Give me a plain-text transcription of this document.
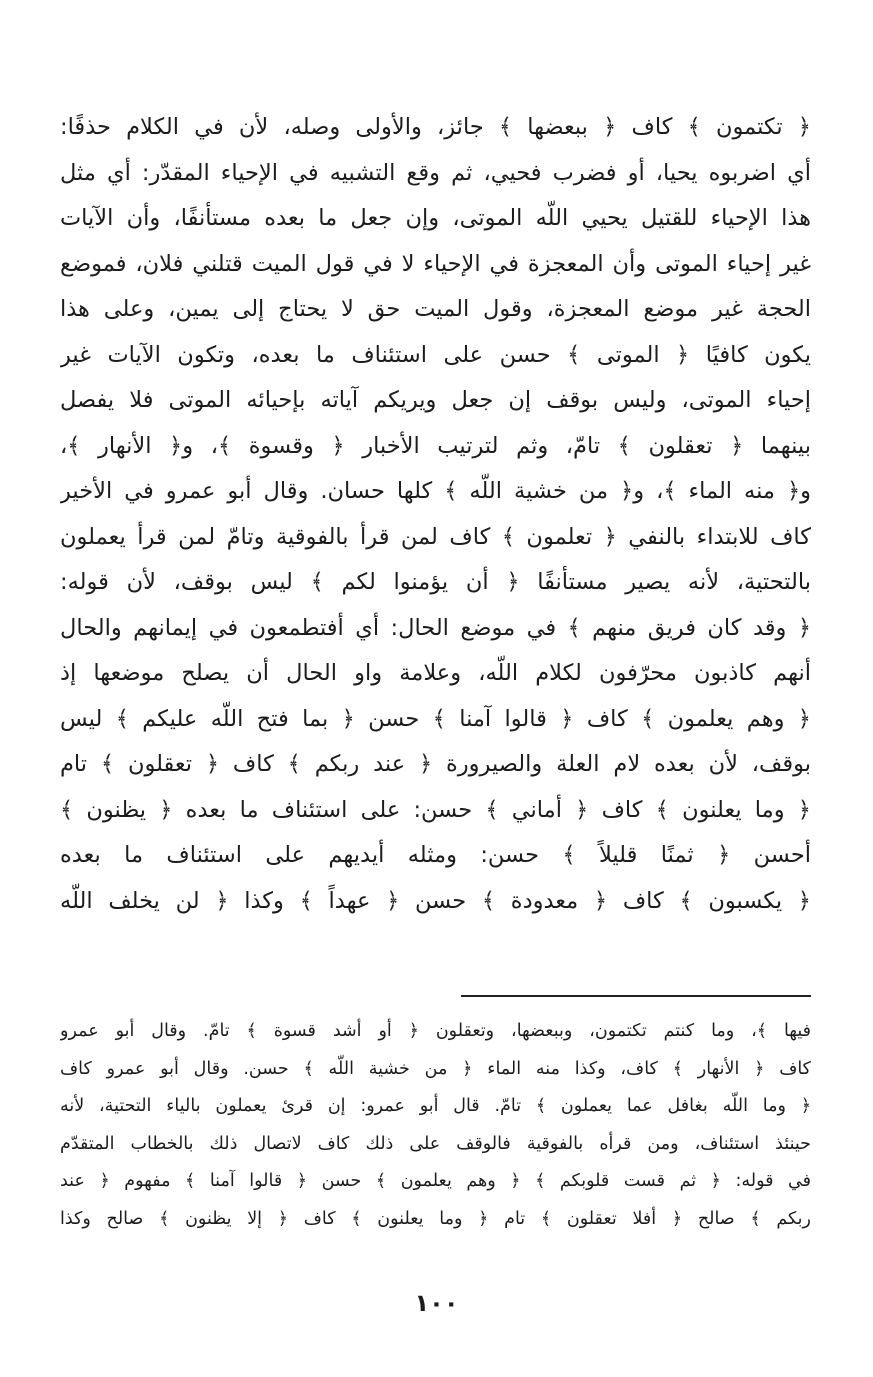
﴿ تكتمون ﴾ كاف ﴿ ببعضها ﴾ جائز، والأولى وصله، لأن في الكلام حذفًا:
أي اضربوه يحيا، أو فضرب فحيي، ثم وقع التشبيه في الإحياء المقدّر: أي مثل
هذا الإحياء للقتيل يحيي اللّه الموتى، وإن جعل ما بعده مستأنفًا، وأن الآيات
غير إحياء الموتى وأن المعجزة في الإحياء لا في قول الميت قتلني فلان، فموضع
الحجة غير موضع المعجزة، وقول الميت حق لا يحتاج إلى يمين، وعلى هذا
يكون كافيًا ﴿ الموتى ﴾ حسن على استئناف ما بعده، وتكون الآيات غير
إحياء الموتى، وليس بوقف إن جعل ويريكم آياته بإحيائه الموتى فلا يفصل
بينهما ﴿ تعقلون ﴾ تامّ، وثم لترتيب الأخبار ﴿ وقسوة ﴾، و﴿ الأنهار ﴾،
و﴿ منه الماء ﴾، و﴿ من خشية اللّه ﴾ كلها حسان. وقال أبو عمرو في الأخير
كاف للابتداء بالنفي ﴿ تعلمون ﴾ كاف لمن قرأ بالفوقية وتامّ لمن قرأ يعملون
بالتحتية، لأنه يصير مستأنفًا ﴿ أن يؤمنوا لكم ﴾ ليس بوقف، لأن قوله:
﴿ وقد كان فريق منهم ﴾ في موضع الحال: أي أفتطمعون في إيمانهم والحال
أنهم كاذبون محرّفون لكلام اللّه، وعلامة واو الحال أن يصلح موضعها إذ
﴿ وهم يعلمون ﴾ كاف ﴿ قالوا آمنا ﴾ حسن ﴿ بما فتح اللّه عليكم ﴾ ليس
بوقف، لأن بعده لام العلة والصيرورة ﴿ عند ربكم ﴾ كاف ﴿ تعقلون ﴾ تام
﴿ وما يعلنون ﴾ كاف ﴿ أماني ﴾ حسن: على استئناف ما بعده ﴿ يظنون ﴾
أحسن ﴿ ثمنًا قليلاً ﴾ حسن: ومثله أيديهم على استئناف ما بعده
﴿ يكسبون ﴾ كاف ﴿ معدودة ﴾ حسن ﴿ عهداً ﴾ وكذا ﴿ لن يخلف اللّه
فيها ﴾، وما كنتم تكتمون، وببعضها، وتعقلون ﴿ أو أشد قسوة ﴾ تامّ. وقال أبو عمرو
كاف ﴿ الأنهار ﴾ كاف، وكذا منه الماء ﴿ من خشية اللّه ﴾ حسن. وقال أبو عمرو كاف
﴿ وما اللّه بغافل عما يعملون ﴾ تامّ. قال أبو عمرو: إن قرئ يعملون بالياء التحتية، لأنه
حينئذ استئناف، ومن قرأه بالفوقية فالوقف على ذلك كاف لاتصال ذلك بالخطاب المتقدّم
في قوله: ﴿ ثم قست قلوبكم ﴾ ﴿ وهم يعلمون ﴾ حسن ﴿ قالوا آمنا ﴾ مفهوم ﴿ عند
ربكم ﴾ صالح ﴿ أفلا تعقلون ﴾ تام ﴿ وما يعلنون ﴾ كاف ﴿ إلا يظنون ﴾ صالح وكذا
١٠٠
